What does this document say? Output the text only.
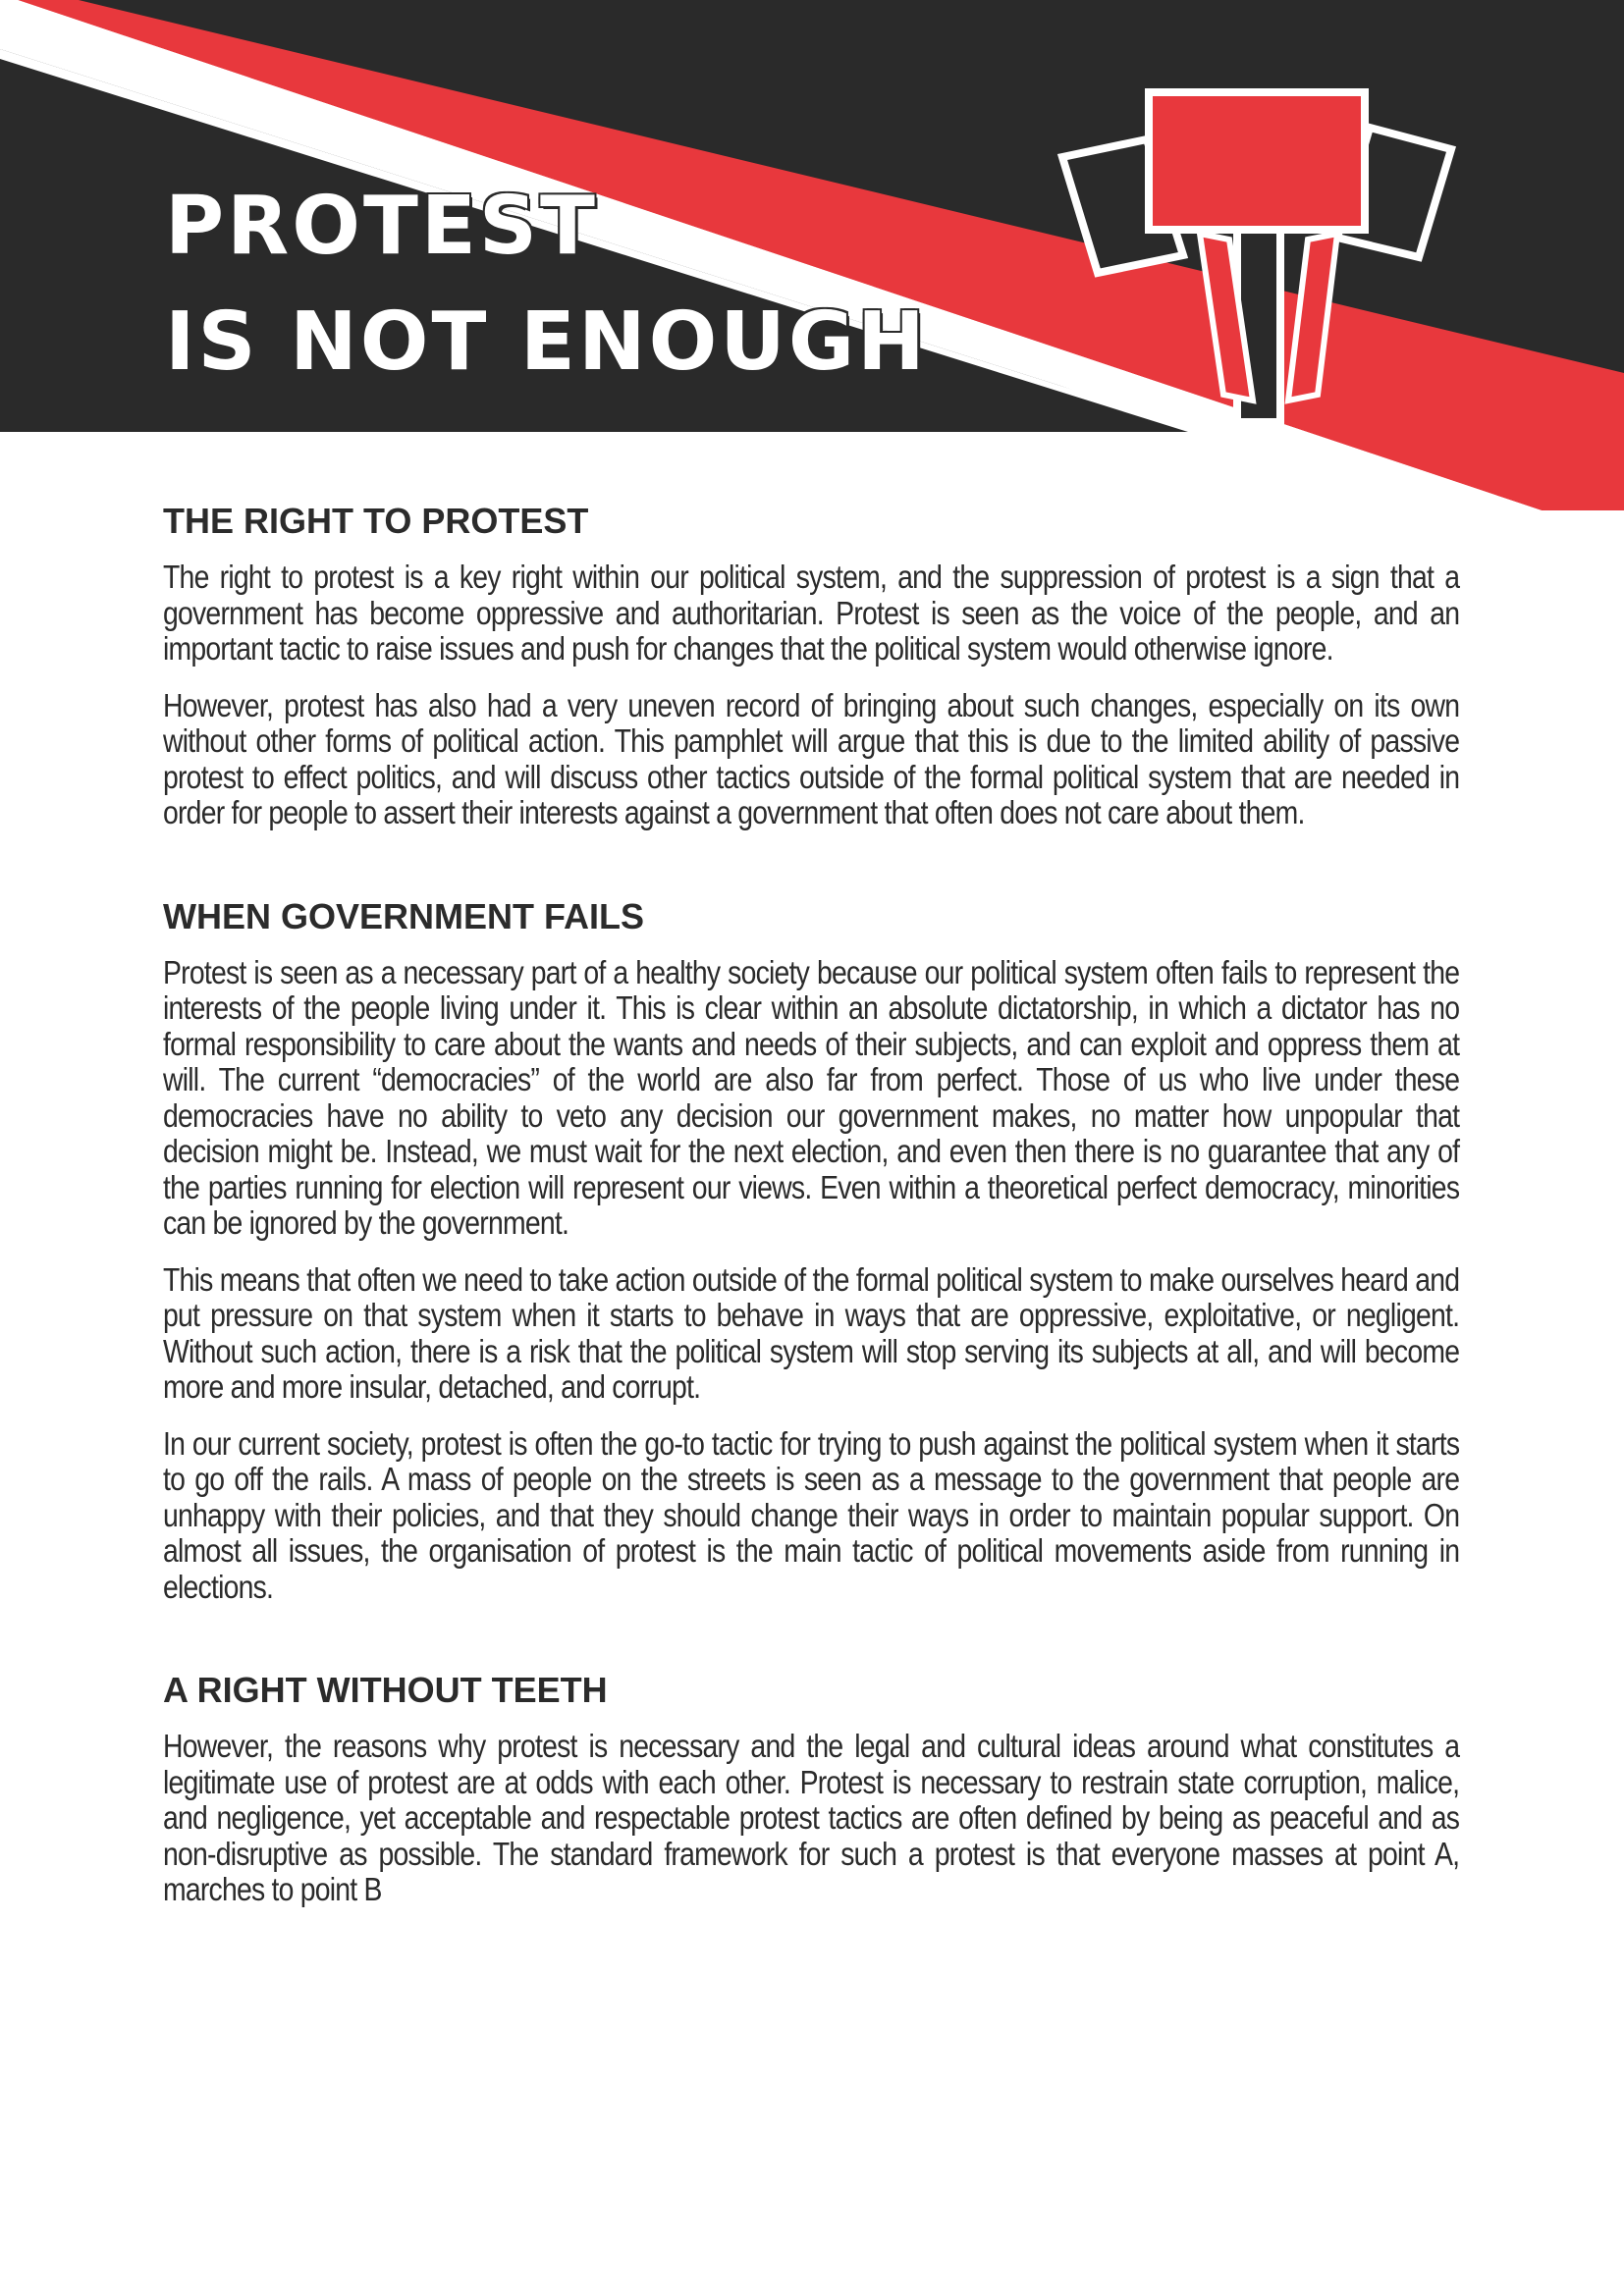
PROTEST
IS NOT ENOUGH
THE RIGHT TO PROTEST

The right to protest is a key right within our political system, and the suppression of protest is a sign that a government has become oppressive and authoritarian. Protest is seen as the voice of the people, and an important tactic to raise issues and push for changes that the political system would otherwise ignore.

However, protest has also had a very uneven record of bringing about such changes, especially on its own without other forms of political action. This pamphlet will argue that this is due to the limited ability of passive protest to effect politics, and will discuss other tactics outside of the formal political system that are needed in order for people to assert their interests against a government that often does not care about them.

WHEN GOVERNMENT FAILS

Protest is seen as a necessary part of a healthy society because our political system often fails to represent the interests of the people living under it. This is clear within an absolute dictatorship, in which a dictator has no formal responsibility to care about the wants and needs of their subjects, and can exploit and oppress them at will. The current “democracies” of the world are also far from perfect. Those of us who live under these democracies have no ability to veto any decision our government makes, no matter how unpopular that decision might be. Instead, we must wait for the next election, and even then there is no guarantee that any of the parties running for election will represent our views. Even within a theoretical perfect democracy, minorities can be ignored by the government.

This means that often we need to take action outside of the formal political system to make ourselves heard and put pressure on that system when it starts to behave in ways that are oppressive, exploitative, or negligent. Without such action, there is a risk that the political system will stop serving its subjects at all, and will become more and more insular, detached, and corrupt.

In our current society, protest is often the go-to tactic for trying to push against the political system when it starts to go off the rails. A mass of people on the streets is seen as a message to the government that people are unhappy with their policies, and that they should change their ways in order to maintain popular support. On almost all issues, the organisation of protest is the main tactic of political movements aside from running in elections.

A RIGHT WITHOUT TEETH

However, the reasons why protest is necessary and the legal and cultural ideas around what constitutes a legitimate use of protest are at odds with each other. Protest is necessary to restrain state corruption, malice, and negligence, yet acceptable and respectable protest tactics are often defined by being as peaceful and as non-disruptive as possible. The standard framework for such a protest is that everyone masses at point A, marches to point B
